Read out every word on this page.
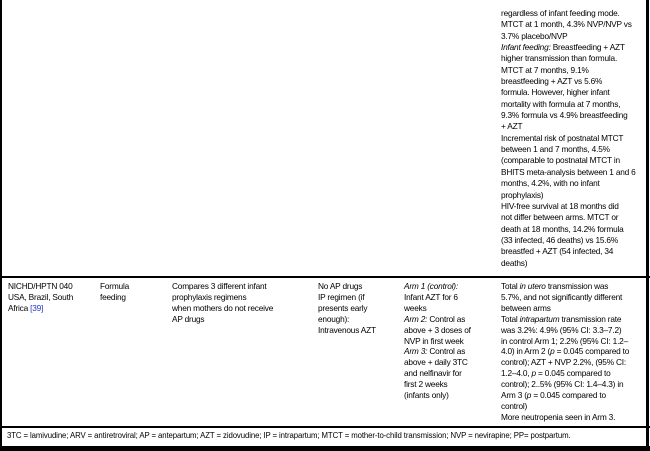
regardless of infant feeding mode.
MTCT at 1 month, 4.3% NVP/NVP vs
3.7% placebo/NVP
Infant feeding: Breastfeeding + AZT
higher transmission than formula.
MTCT at 7 months, 9.1%
breastfeeding + AZT vs 5.6%
formula. However, higher infant
mortality with formula at 7 months,
9.3% formula vs 4.9% breastfeeding
+ AZT
Incremental risk of postnatal MTCT
between 1 and 7 months, 4.5%
(comparable to postnatal MTCT in
BHITS meta-analysis between 1 and 6
months, 4.2%, with no infant
prophylaxis)
HIV-free survival at 18 months did
not differ between arms. MTCT or
death at 18 months, 14.2% formula
(33 infected, 46 deaths) vs 15.6%
breastfed + AZT (54 infected, 34
deaths)
NICHD/HPTN 040
USA, Brazil, South
Africa [39]
Formula
feeding
Compares 3 different infant
prophylaxis regimens
when mothers do not receive
AP drugs
No AP drugs
IP regimen (if
presents early
enough):
Intravenous AZT
Arm 1 (control):
Infant AZT for 6
weeks
Arm 2: Control as
above + 3 doses of
NVP in first week
Arm 3: Control as
above + daily 3TC
and nelfinavir for
first 2 weeks
(infants only)
Total in utero transmission was
5.7%, and not significantly different
between arms
Total intrapartum transmission rate
was 3.2%: 4.9% (95% CI: 3.3–7.2)
in control Arm 1; 2.2% (95% CI: 1.2–
4.0) in Arm 2 (p = 0.045 compared to
control); AZT + NVP 2.2%, (95% CI:
1.2–4.0, p = 0.045 compared to
control); 2..5% (95% CI: 1.4–4.3) in
Arm 3 (p = 0.045 compared to
control)
More neutropenia seen in Arm 3.
3TC = lamivudine; ARV = antiretroviral; AP = antepartum; AZT = zidovudine; IP = intrapartum; MTCT = mother-to-child transmission; NVP = nevirapine; PP= postpartum.
